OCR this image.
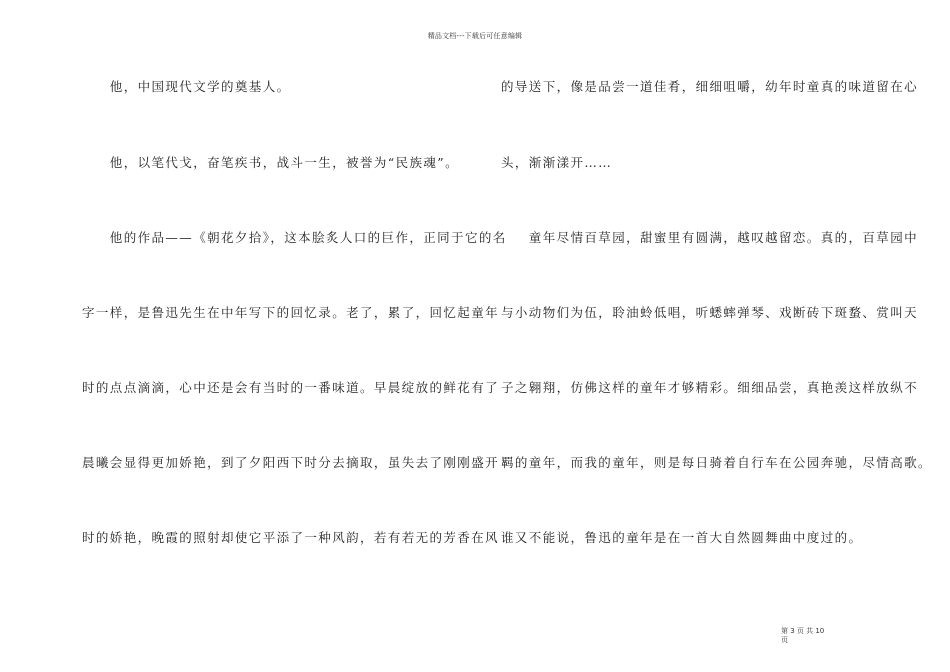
精品文档---下载后可任意编辑
　　他，中国现代文学的奠基人。
　　他，以笔代戈，奋笔疾书，战斗一生，被誉为“民族魂”。
　　他的作品——《朝花夕拾》，这本脍炙人口的巨作，正同于它的名
字一样，是鲁迅先生在中年写下的回忆录。老了，累了，回忆起童年
时的点点滴滴，心中还是会有当时的一番味道。早晨绽放的鲜花有了
晨曦会显得更加娇艳，到了夕阳西下时分去摘取，虽失去了刚刚盛开
时的娇艳，晚霞的照射却使它平添了一种风韵，若有若无的芳香在风
的导送下，像是品尝一道佳肴，细细咀嚼，幼年时童真的味道留在心
头，渐渐漾开……
　　童年尽情百草园，甜蜜里有圆满，越叹越留恋。真的，百草园中
与小动物们为伍，聆油蛉低唱，听蟋蟀弹琴、戏断砖下斑蝥、赏叫天
子之翱翔，仿佛这样的童年才够精彩。细细品尝，真艳羡这样放纵不
羁的童年，而我的童年，则是每日骑着自行车在公园奔驰，尽情高歌。
谁又不能说，鲁迅的童年是在一首大自然圆舞曲中度过的。
第 3 页 共 10 页
